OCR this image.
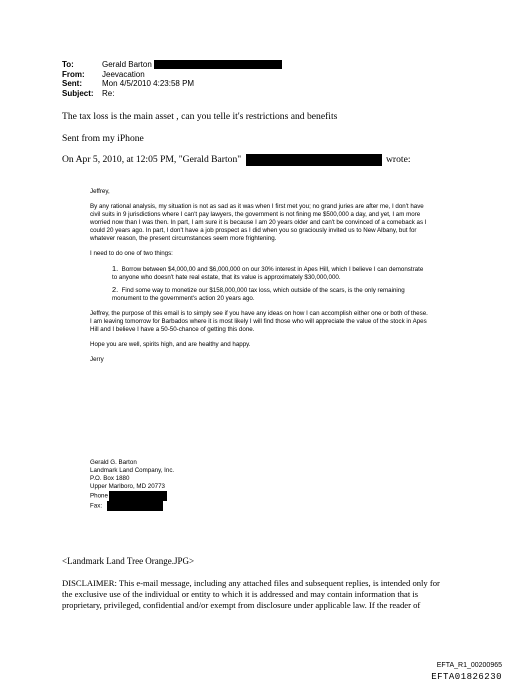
To:	Gerald Barton
From:	Jeevacation
Sent:	Mon 4/5/2010 4:23:58 PM
Subject:	Re:
The tax loss is the main asset , can you telle it's restrictions and benefits
Sent from my iPhone
On Apr 5, 2010, at 12:05 PM, "Gerald Barton"	wrote:

Jeffrey,

By any rational analysis, my situation is not as sad as it was when I first met you; no grand juries are after me, I don't have civil suits in 9 jurisdictions where I can't pay lawyers, the government is not fining me $500,000 a day, and yet, I am more worried now than I was then. In part, I am sure it is because I am 20 years older and can't be convinced of a comeback as I could 20 years ago. In part, I don't have a job prospect as I did when you so graciously invited us to New Albany, but for whatever reason, the present circumstances seem more frightening.

I need to do one of two things:

1. Borrow between $4,000,00 and $6,000,000 on our 30% interest in Apes Hill, which I believe I can demonstrate to anyone who doesn't hate real estate, that its value is approximately $30,000,000.

2. Find some way to monetize our $158,000,000 tax loss, which outside of the scars, is the only remaining monument to the government's action 20 years ago.

Jeffrey, the purpose of this email is to simply see if you have any ideas on how I can accomplish either one or both of these. I am leaving tomorrow for Barbados where it is most likely I will find those who will appreciate the value of the stock in Apes Hill and I believe I have a 50-50-chance of getting this done.

Hope you are well, spirits high, and are healthy and happy.

Jerry

Gerald G. Barton
Landmark Land Company, Inc.
P.O. Box 1880
Upper Marlboro, MD 20773
Phone
Fax:
<Landmark Land Tree Orange.JPG>
DISCLAIMER: This e-mail message, including any attached files and subsequent replies, is intended only for the exclusive use of the individual or entity to which it is addressed and may contain information that is proprietary, privileged, confidential and/or exempt from disclosure under applicable law. If the reader of
EFTA_R1_00200965
EFTA01826230
